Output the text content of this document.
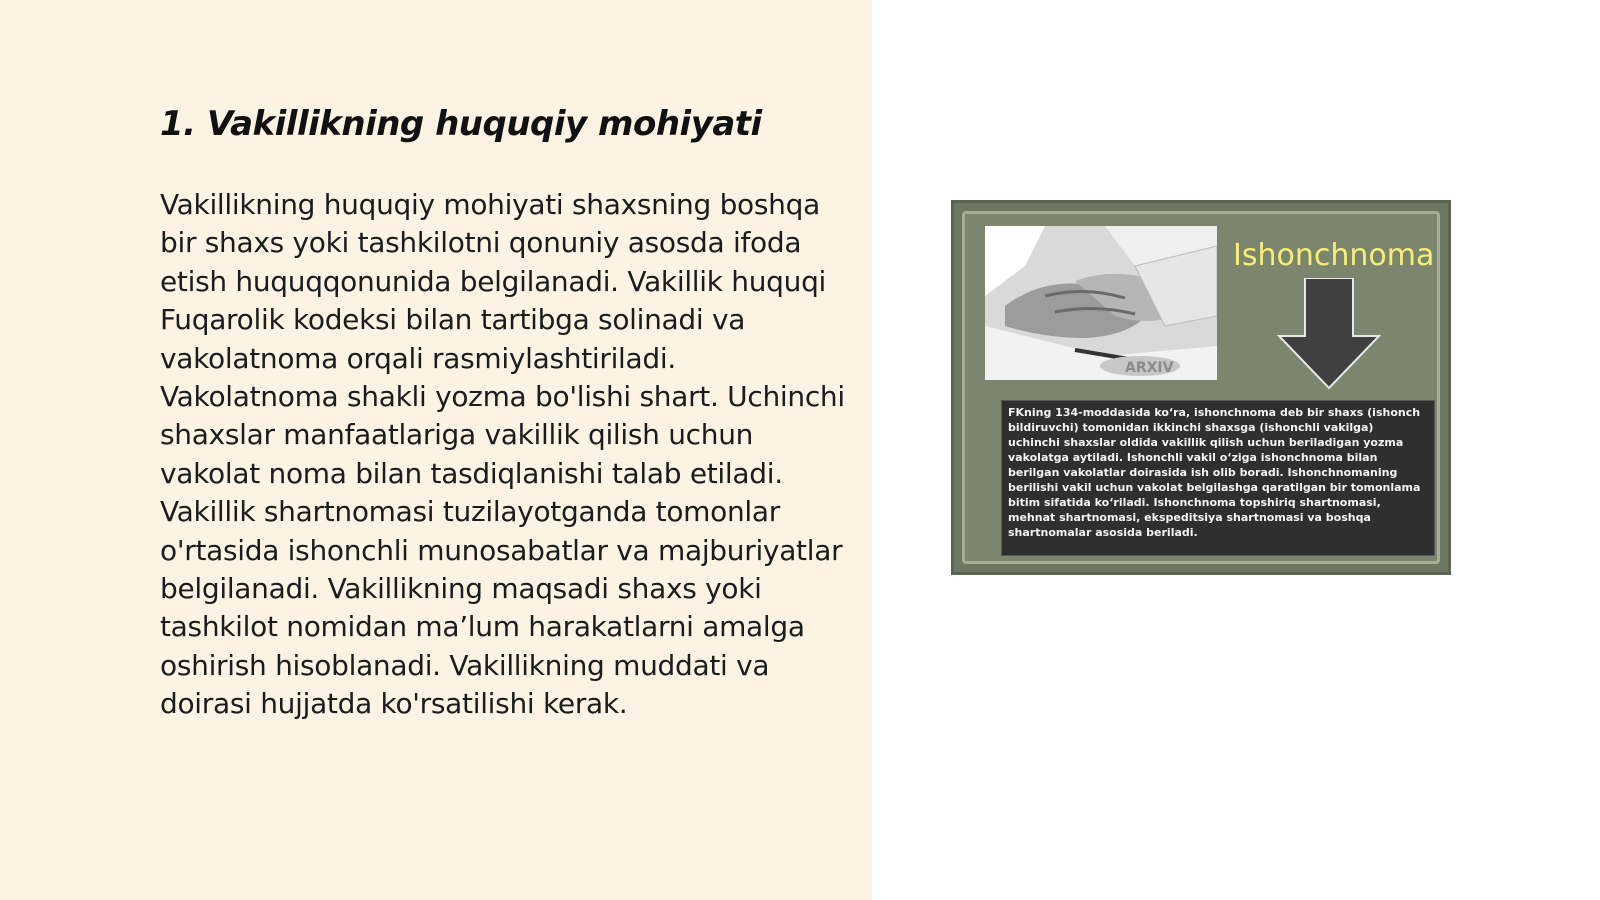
1. Vakillikning huquqiy mohiyati

Vakillikning huquqiy mohiyati shaxsning boshqa bir shaxs yoki tashkilotni qonuniy asosda ifoda etish huquqqonunida belgilanadi. Vakillik huquqi Fuqarolik kodeksi bilan tartibga solinadi va vakolatnoma orqali rasmiylashtiriladi. Vakolatnoma shakli yozma bo'lishi shart. Uchinchi shaxslar manfaatlariga vakillik qilish uchun vakolat noma bilan tasdiqlanishi talab etiladi. Vakillik shartnomasi tuzilayotganda tomonlar o'rtasida ishonchli munosabatlar va majburiyatlar belgilanadi. Vakillikning maqsadi shaxs yoki tashkilot nomidan ma’lum harakatlarni amalga oshirish hisoblanadi. Vakillikning muddati va doirasi hujjatda ko'rsatilishi kerak.

ARXIV
Ishonchnoma

FKning 134-moddasida ko‘ra, ishonchnoma deb bir shaxs (ishonch bildiruvchi) tomonidan ikkinchi shaxsga (ishonchli vakilga) uchinchi shaxslar oldida vakillik qilish uchun beriladigan yozma vakolatga aytiladi. Ishonchli vakil o‘ziga ishonchnoma bilan berilgan vakolatlar doirasida ish olib boradi. Ishonchnomaning berilishi vakil uchun vakolat belgilashga qaratilgan bir tomonlama bitim sifatida ko‘riladi. Ishonchnoma topshiriq shartnomasi, mehnat shartnomasi, ekspeditsiya shartnomasi va boshqa shartnomalar asosida beriladi.
